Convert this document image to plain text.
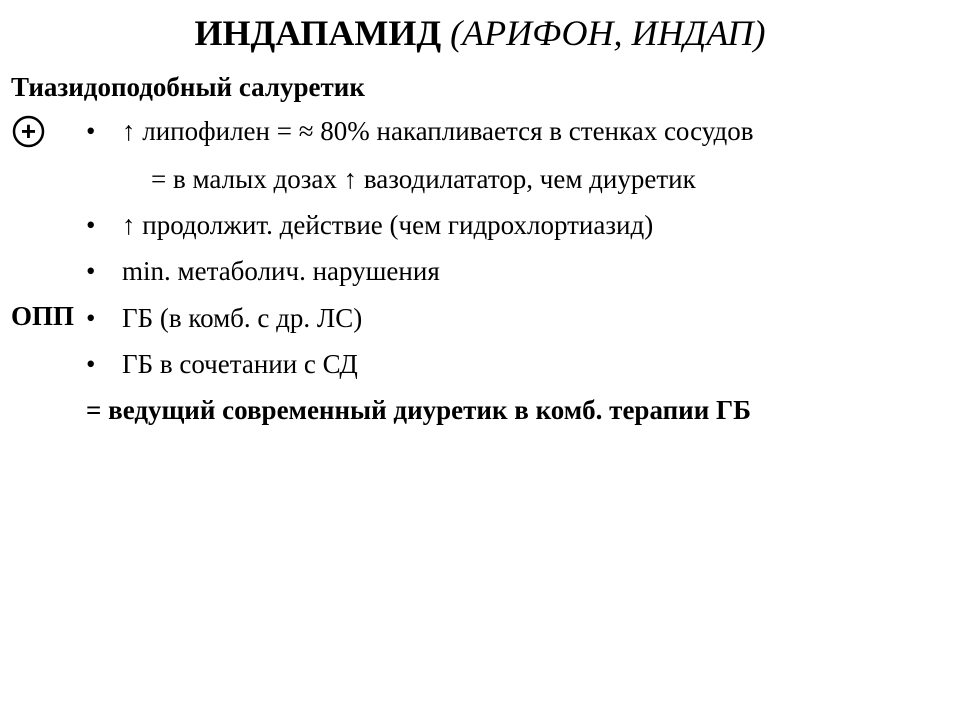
ИНДАПАМИД (АРИФОН, ИНДАП)
Тиазидоподобный салуретик
+
ОПП
• ↑ липофилен = ≈ 80% накапливается в стенках сосудов
= в малых дозах ↑ вазодилататор, чем диуретик
• ↑ продолжит. действие (чем гидрохлортиазид)
• min. метаболич. нарушения
• ГБ (в комб. с др. ЛС)
• ГБ в сочетании с СД
= ведущий современный диуретик в комб. терапии ГБ
